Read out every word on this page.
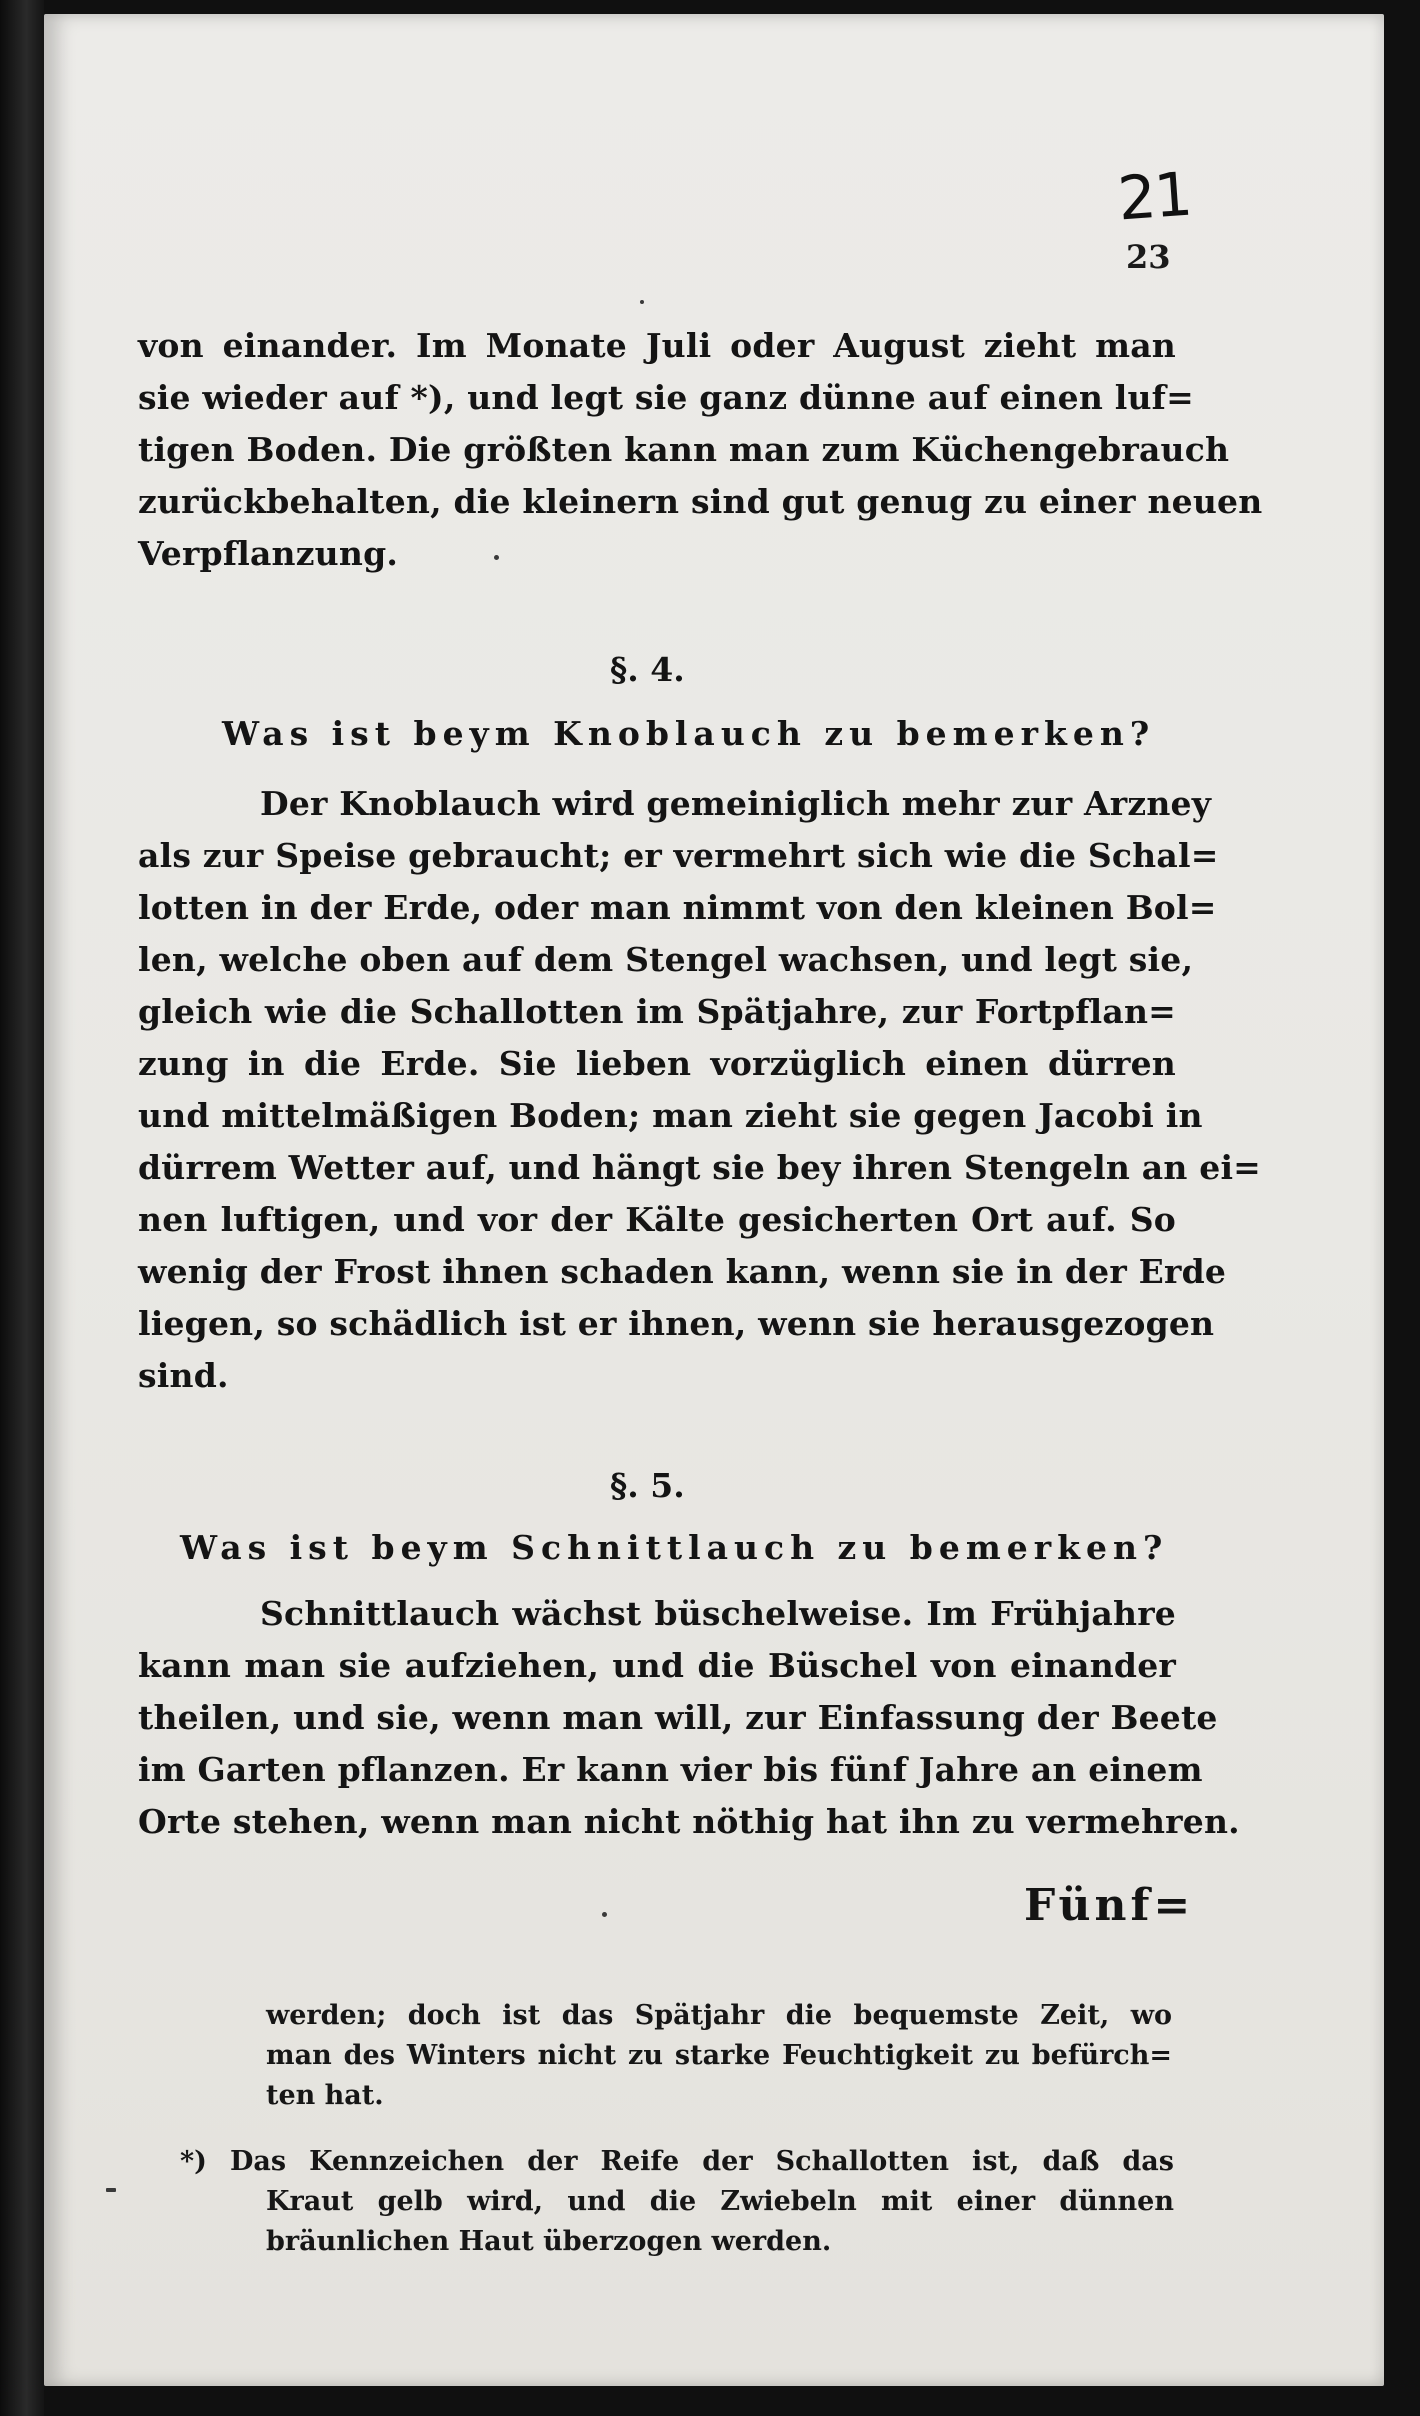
21
23
von einander. Im Monate Juli oder August zieht man
sie wieder auf *), und legt sie ganz dünne auf einen luf=
tigen Boden. Die größten kann man zum Küchengebrauch
zurückbehalten, die kleinern sind gut genug zu einer neuen
Verpflanzung.
§. 4.
Was ist beym Knoblauch zu bemerken?
Der Knoblauch wird gemeiniglich mehr zur Arzney
als zur Speise gebraucht; er vermehrt sich wie die Schal=
lotten in der Erde, oder man nimmt von den kleinen Bol=
len, welche oben auf dem Stengel wachsen, und legt sie,
gleich wie die Schallotten im Spätjahre, zur Fortpflan=
zung in die Erde. Sie lieben vorzüglich einen dürren
und mittelmäßigen Boden; man zieht sie gegen Jacobi in
dürrem Wetter auf, und hängt sie bey ihren Stengeln an ei=
nen luftigen, und vor der Kälte gesicherten Ort auf. So
wenig der Frost ihnen schaden kann, wenn sie in der Erde
liegen, so schädlich ist er ihnen, wenn sie herausgezogen
sind.
§. 5.
Was ist beym Schnittlauch zu bemerken?
Schnittlauch wächst büschelweise. Im Frühjahre
kann man sie aufziehen, und die Büschel von einander
theilen, und sie, wenn man will, zur Einfassung der Beete
im Garten pflanzen. Er kann vier bis fünf Jahre an einem
Orte stehen, wenn man nicht nöthig hat ihn zu vermehren.
Fünf=
werden; doch ist das Spätjahr die bequemste Zeit, wo
man des Winters nicht zu starke Feuchtigkeit zu befürch=
ten hat.
*) Das Kennzeichen der Reife der Schallotten ist, daß das
Kraut gelb wird, und die Zwiebeln mit einer dünnen
bräunlichen Haut überzogen werden.
